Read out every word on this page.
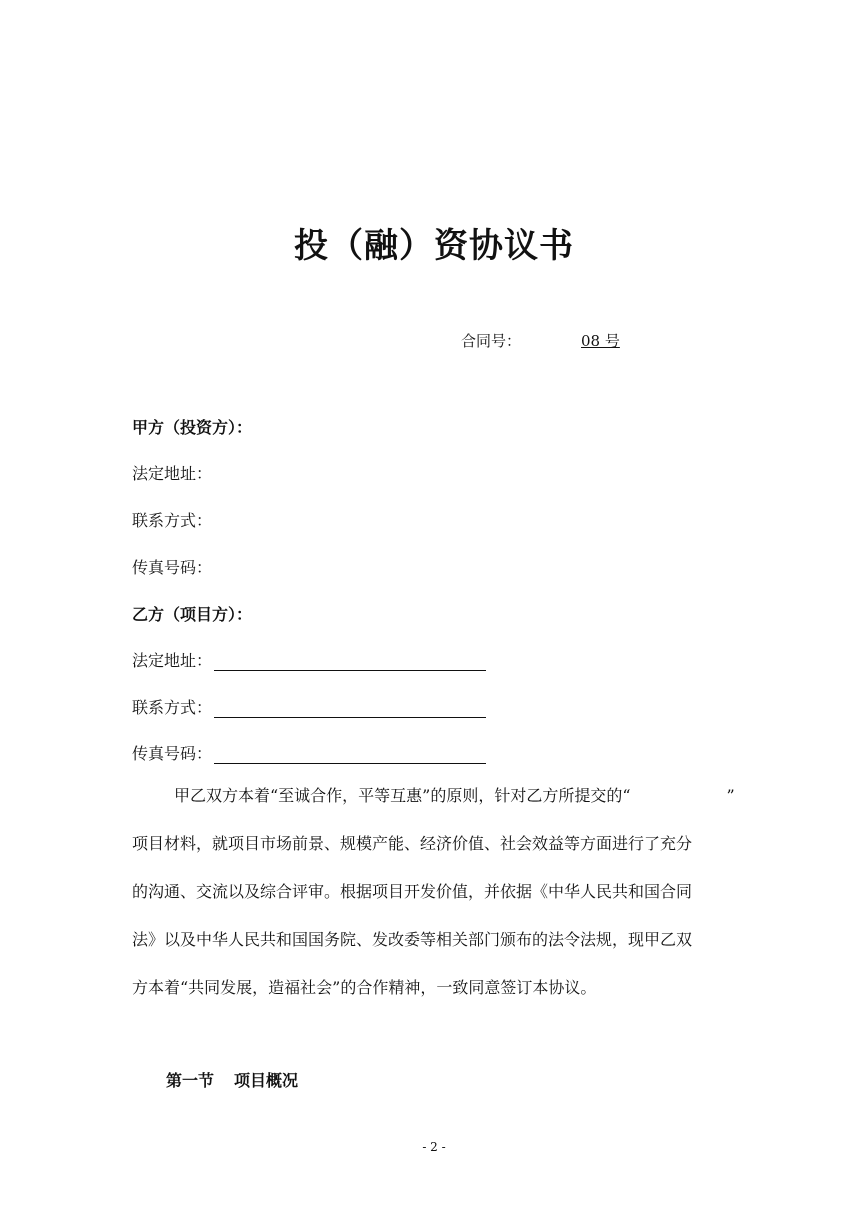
投（融）资协议书
合同号：	08 号
甲方（投资方）：
法定地址：
联系方式：
传真号码：
乙方（项目方）：
法定地址：
联系方式：
传真号码：
甲乙双方本着“至诚合作，平等互惠”的原则，针对乙方所提交的“　　　　　　”
项目材料，就项目市场前景、规模产能、经济价值、社会效益等方面进行了充分
的沟通、交流以及综合评审。根据项目开发价值，并依据《中华人民共和国合同
法》以及中华人民共和国国务院、发改委等相关部门颁布的法令法规，现甲乙双
方本着“共同发展，造福社会”的合作精神，一致同意签订本协议。
第一节 项目概况
- 2 -
